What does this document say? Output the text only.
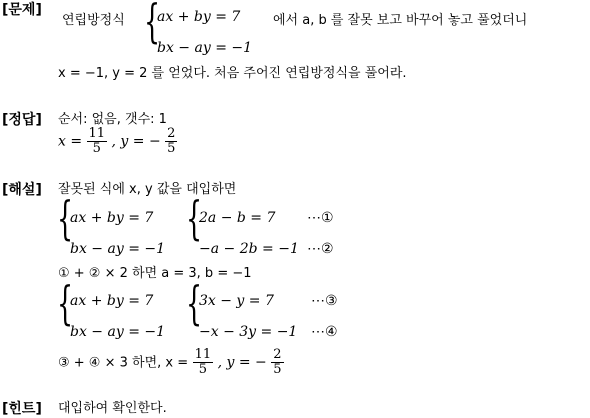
[문제]
연립방정식 {
ax + by = 7
bx − ay = −1
에서 a, b 를 잘못 보고 바꾸어 놓고 풀었더니
x = −1, y = 2 를 얻었다. 처음 주어진 연립방정식을 풀어라.
[정답] 순서: 없음, 갯수: 1
$x = \frac{11}{5}$ , y = − $\frac{2}{5}$
[해설] 잘못된 식에 x, y 값을 대입하면
{
ax + by = 7
bx − ay = −1
{
2a − b = 7
−a − 2b = −1
⋯①
⋯②
① + ② × 2 하면 a = 3, b = −1
{
ax + by = 7
bx − ay = −1
{
3x − y = 7
−x − 3y = −1
⋯③
⋯④
③ + ④ × 3 하면, $x = \frac{11}{5}$ , y = − $\frac{2}{5}$
[힌트] 대입하여 확인한다.
